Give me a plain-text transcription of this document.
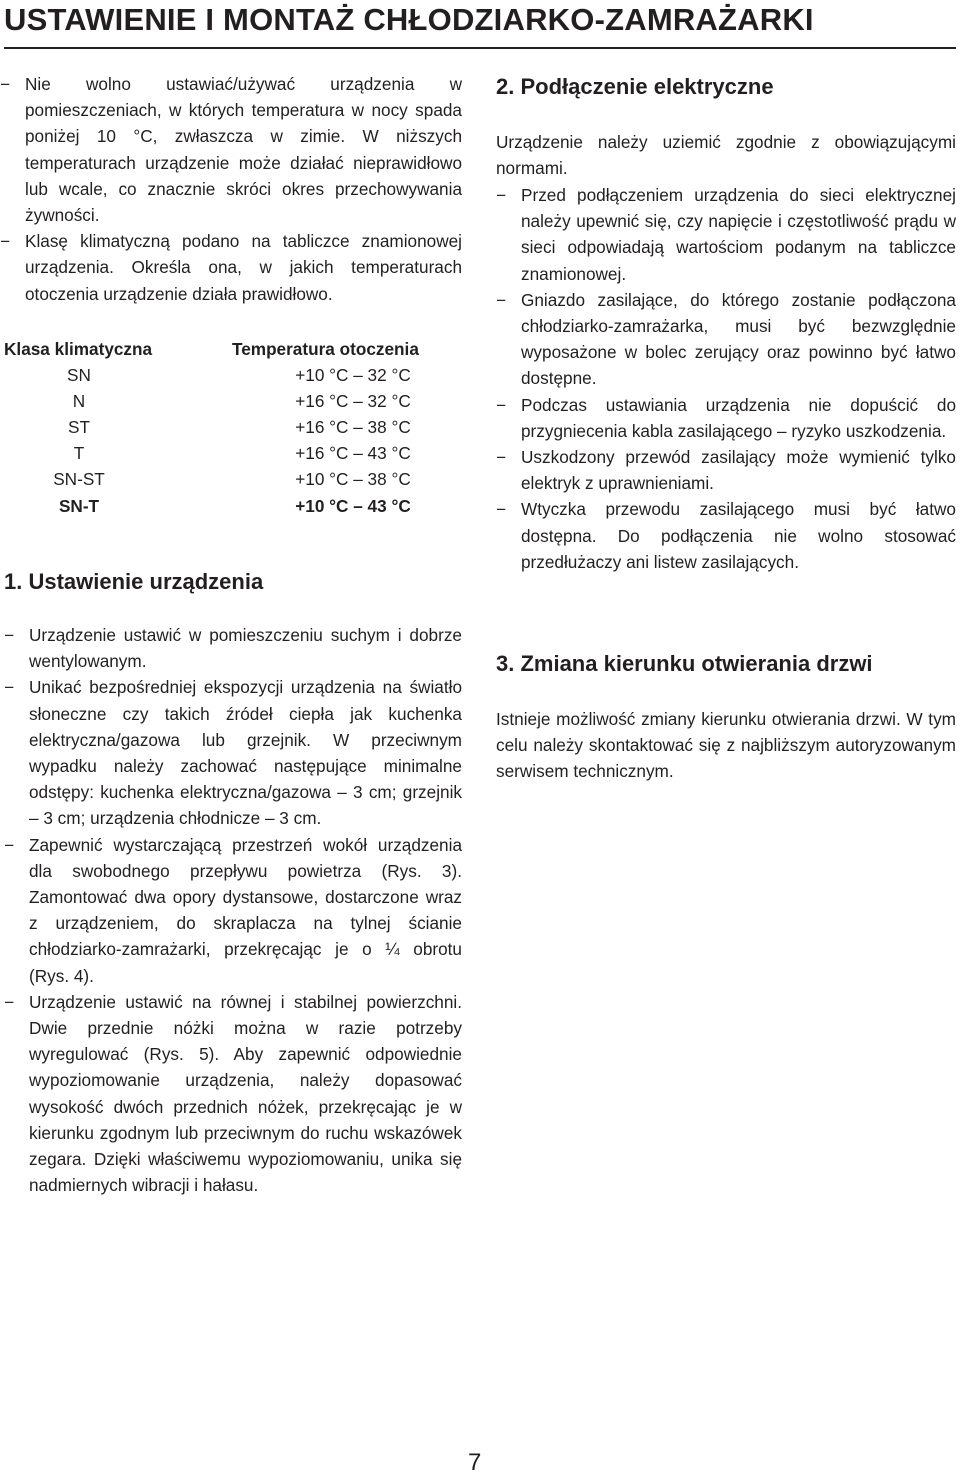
USTAWIENIE I MONTAŻ CHŁODZIARKO-ZAMRAŻARKI
− Nie wolno ustawiać/używać urządzenia w pomieszczeniach, w których temperatura w nocy spada poniżej 10 °C, zwłaszcza w zimie. W niższych temperaturach urządzenie może działać nieprawidłowo lub wcale, co znacznie skróci okres przechowywania żywności.
− Klasę klimatyczną podano na tabliczce znamionowej urządzenia. Określa ona, w jakich temperaturach otoczenia urządzenie działa prawidłowo.
Klasa klimatyczna	Temperatura otoczenia
SN	+10 °C – 32 °C
N	+16 °C – 32 °C
ST	+16 °C – 38 °C
T	+16 °C – 43 °C
SN-ST	+10 °C – 38 °C
SN-T	+10 °C – 43 °C
1. Ustawienie urządzenia
− Urządzenie ustawić w pomieszczeniu suchym i dobrze wentylowanym.
− Unikać bezpośredniej ekspozycji urządzenia na światło słoneczne czy takich źródeł ciepła jak kuchenka elektryczna/gazowa lub grzejnik. W przeciwnym wypadku należy zachować następujące minimalne odstępy: kuchenka elektryczna/gazowa – 3 cm; grzejnik – 3 cm; urządzenia chłodnicze – 3 cm.
− Zapewnić wystarczającą przestrzeń wokół urządzenia dla swobodnego przepływu powietrza (Rys. 3). Zamontować dwa opory dystansowe, dostarczone wraz z urządzeniem, do skraplacza na tylnej ścianie chłodziarko-zamrażarki, przekręcając je o ¼ obrotu (Rys. 4).
− Urządzenie ustawić na równej i stabilnej powierzchni. Dwie przednie nóżki można w razie potrzeby wyregulować (Rys. 5). Aby zapewnić odpowiednie wypoziomowanie urządzenia, należy dopasować wysokość dwóch przednich nóżek, przekręcając je w kierunku zgodnym lub przeciwnym do ruchu wskazówek zegara. Dzięki właściwemu wypoziomowaniu, unika się nadmiernych wibracji i hałasu.
2. Podłączenie elektryczne

Urządzenie należy uziemić zgodnie z obowiązującymi normami.

− Przed podłączeniem urządzenia do sieci elektrycznej należy upewnić się, czy napięcie i częstotliwość prądu w sieci odpowiadają wartościom podanym na tabliczce znamionowej.
− Gniazdo zasilające, do którego zostanie podłączona chłodziarko-zamrażarka, musi być bezwzględnie wyposażone w bolec zerujący oraz powinno być łatwo dostępne.
− Podczas ustawiania urządzenia nie dopuścić do przygniecenia kabla zasilającego – ryzyko uszkodzenia.
− Uszkodzony przewód zasilający może wymienić tylko elektryk z uprawnieniami.
− Wtyczka przewodu zasilającego musi być łatwo dostępna. Do podłączenia nie wolno stosować przedłużaczy ani listew zasilających.
3. Zmiana kierunku otwierania drzwi

Istnieje możliwość zmiany kierunku otwierania drzwi. W tym celu należy skontaktować się z najbliższym autoryzowanym serwisem technicznym.

7
